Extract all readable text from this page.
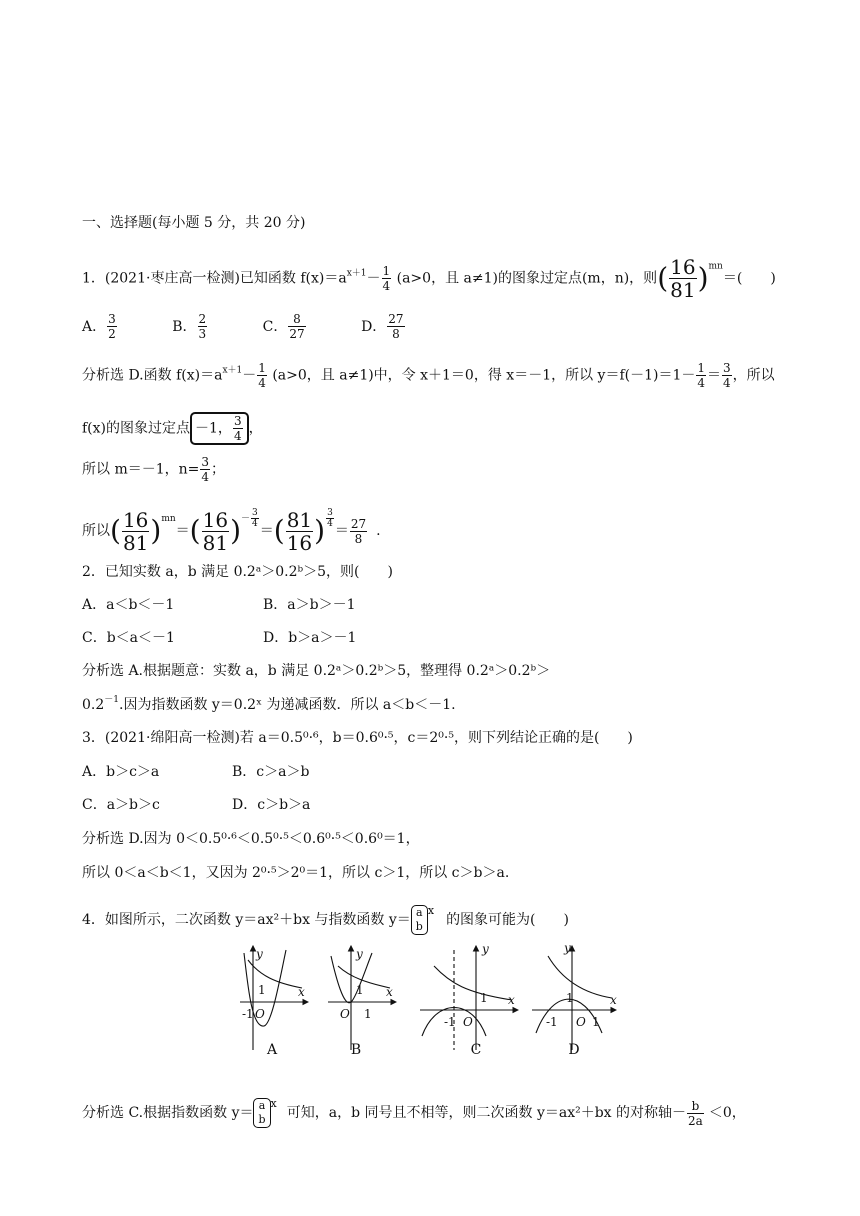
一、选择题(每小题 5 分，共 20 分)
1．(2021·枣庄高一检测)已知函数 $f(x)=a^{x+1}- \frac{1}{4} (a>0$，且 a≠1)的图象过定点(m，n)，则( $\frac{16}{81} )^{mn}=$(　　)
A． $\frac{3}{2}$	B． $\frac{2}{3}$	C． $\frac{8}{27}$	D． $\frac{27}{8}$
分析选 D.函数 $f(x)=a^{x+1}- \frac{1}{4} (a>0$，且 a≠1)中，令 x＋1＝0，得 x＝－1，所以 $y=f(-1)=1- \frac{1}{4} = \frac{3}{4}$ ，所以
f(x)的图象过定点 －1， $\frac{3}{4}$ ，
所以 m＝－1，$n= \frac{3}{4}$ ；
所以( $\frac{16}{81} )^{mn}=( \frac{16}{81} )^{- \frac{3}{4}}$
＝( $\frac{81}{16}$ ) $^{\frac{3}{4}}$
＝ $\frac{27}{8}$ .
2．已知实数 a，b 满足 0.2ᵃ＞0.2ᵇ＞5，则(　　)
A．a＜b＜－1	B．a＞b＞－1
C．b＜a＜－1	D．b＞a＞－1
分析选 A.根据题意：实数 a，b 满足 0.2ᵃ＞0.2ᵇ＞5，整理得 0.2ᵃ＞0.2ᵇ＞
$0.2^{-1}$.因为指数函数 y＝0.2ˣ 为递减函数．所以 a＜b＜－1.
3．(2021·绵阳高一检测)若 a＝0.5⁰·⁶，b＝0.6⁰·⁵，c＝2⁰·⁵，则下列结论正确的是(　　)
A．b＞c＞a	B．c＞a＞b
C．a＞b＞c	D．c＞b＞a
分析选 D.因为 0＜0.5⁰·⁶＜0.5⁰·⁵＜0.6⁰·⁵＜0.6⁰＝1，
所以 0＜a＜b＜1，又因为 2⁰·⁵＞2⁰＝1，所以 c＞1，所以 c＞b＞a.
4．如图所示，二次函数 y＝ax²＋bx 与指数函数 y＝ a
b
$^x$的图象可能为(　　)
y
x
1
-1 O
y
x
1
O 1
y
x
1
-1 O
y
x
1
-1 O 1
A	B	C	D
分析选 C.根据指数函数 y＝ a
b
$^x$可知，a，b 同号且不相等，则二次函数 y＝ax²＋bx 的对称轴－ $\frac{b}{2a} <0$，
